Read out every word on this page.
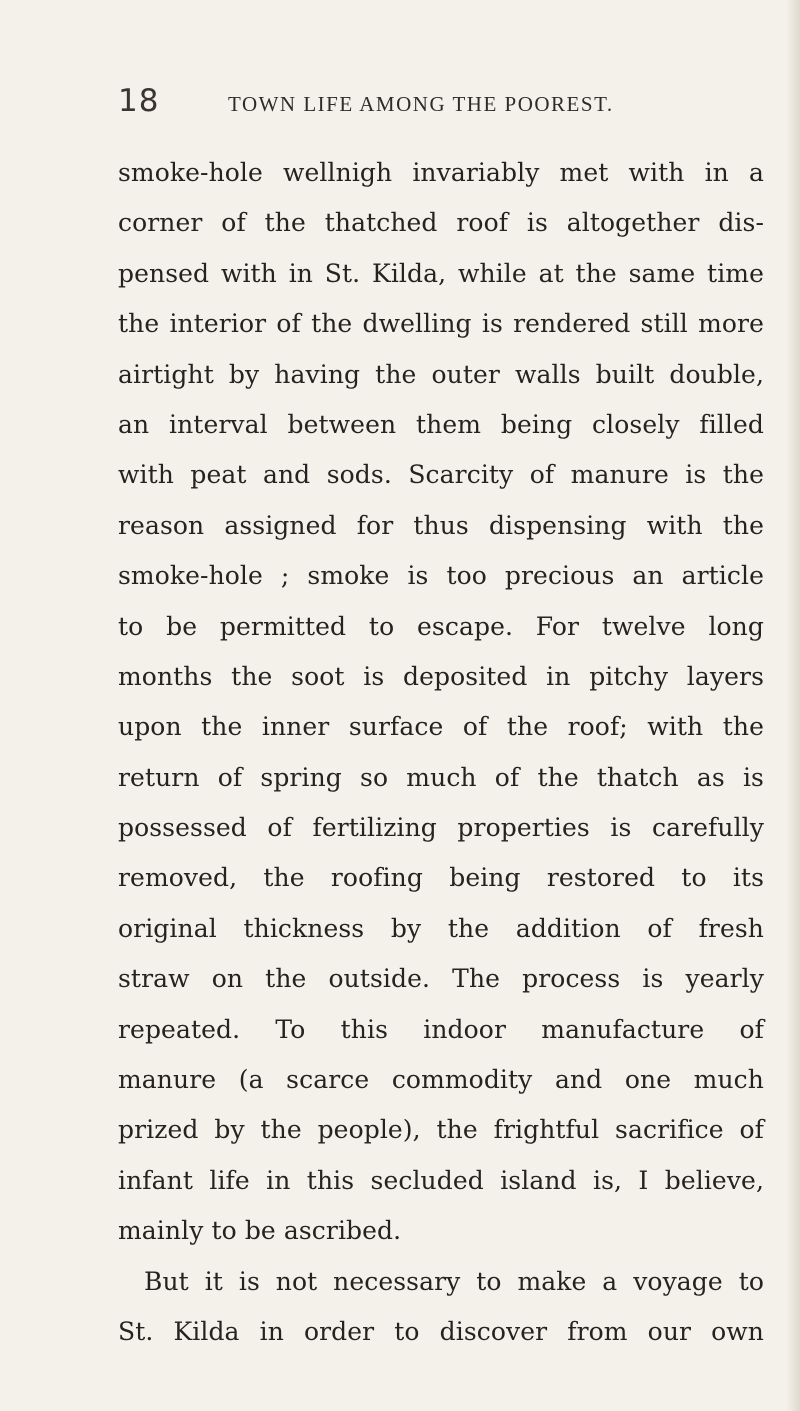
18	TOWN LIFE AMONG THE POOREST.
smoke-hole wellnigh invariably met with in a
corner of the thatched roof is altogether dis-
pensed with in St. Kilda, while at the same time
the interior of the dwelling is rendered still more
airtight by having the outer walls built double,
an interval between them being closely filled
with peat and sods. Scarcity of manure is the
reason assigned for thus dispensing with the
smoke-hole ; smoke is too precious an article
to be permitted to escape. For twelve long
months the soot is deposited in pitchy layers
upon the inner surface of the roof; with the
return of spring so much of the thatch as is
possessed of fertilizing properties is carefully
removed, the roofing being restored to its
original thickness by the addition of fresh
straw on the outside. The process is yearly
repeated. To this indoor manufacture of
manure (a scarce commodity and one much
prized by the people), the frightful sacrifice of
infant life in this secluded island is, I believe,
mainly to be ascribed.
But it is not necessary to make a voyage to
St. Kilda in order to discover from our own
